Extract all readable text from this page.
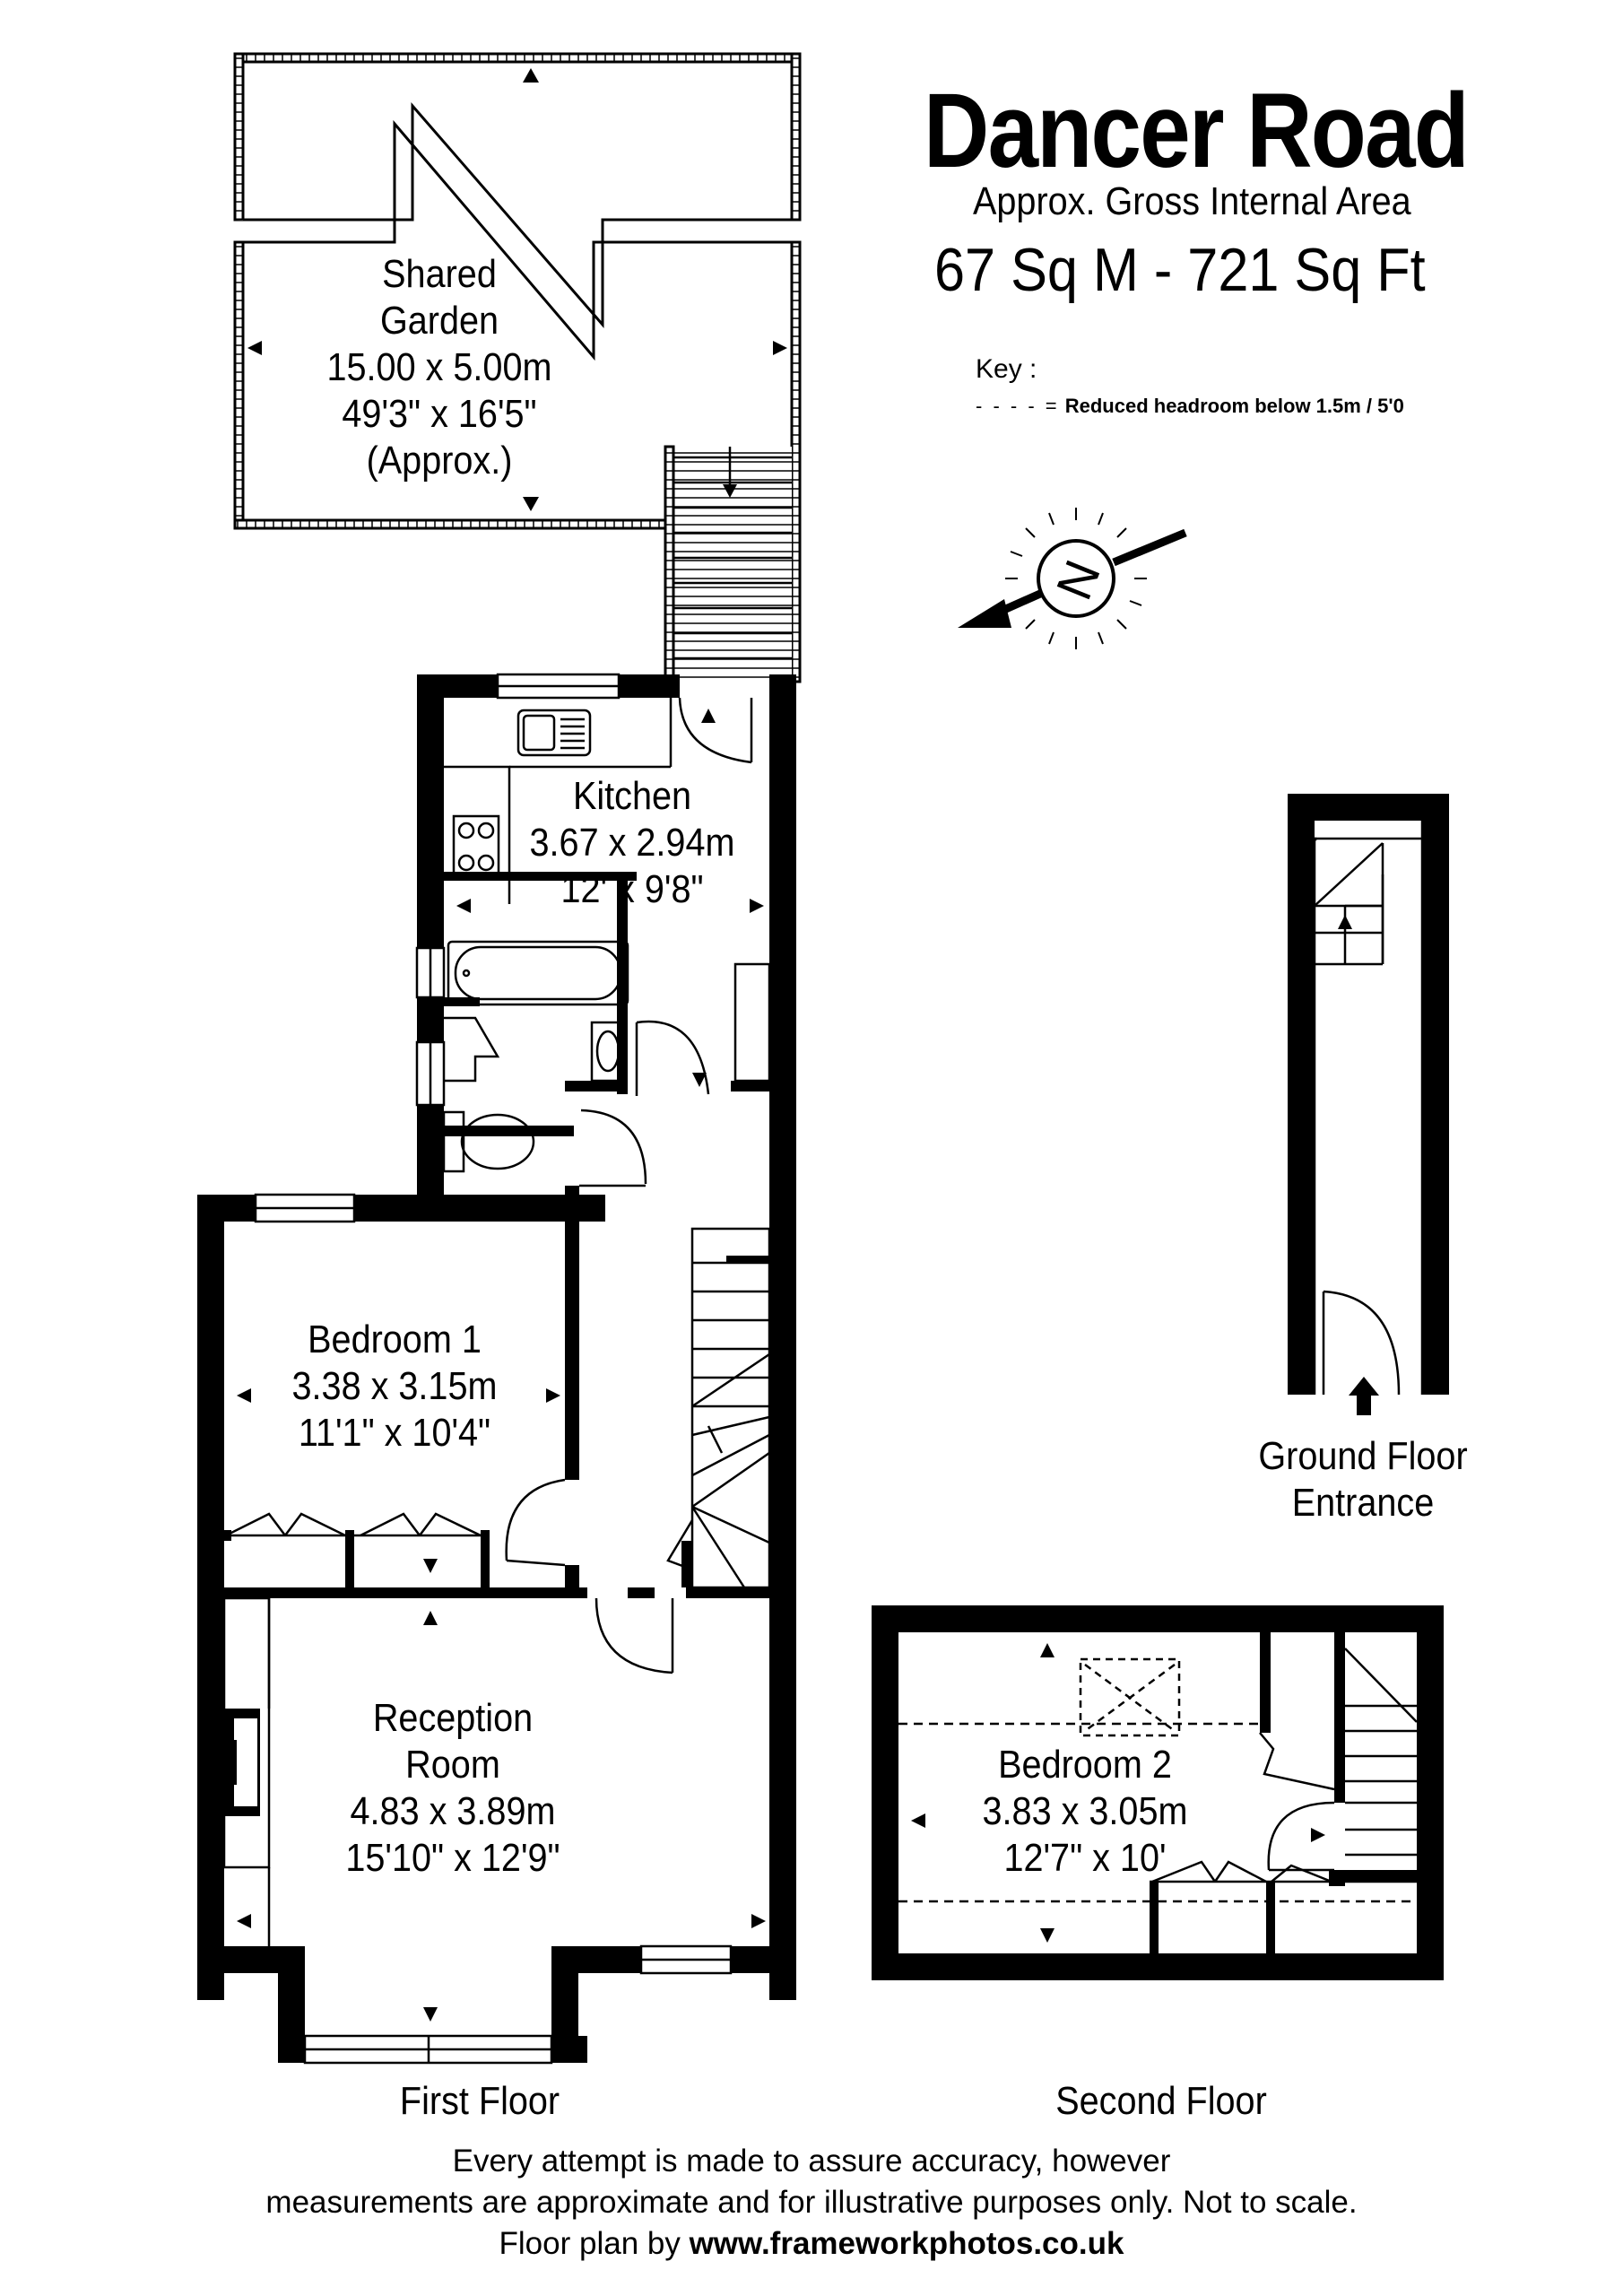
Dancer Road
Approx. Gross Internal Area
67 Sq M - 721 Sq Ft
Key :
- - - - = Reduced headroom below 1.5m / 5'0
N
Shared
Garden
15.00 x 5.00m
49'3" x 16'5"
(Approx.)
Kitchen
3.67 x 2.94m
12' x 9'8"
Bedroom 1
3.38 x 3.15m
11'1" x 10'4"
Reception
Room
4.83 x 3.89m
15'10" x 12'9"
Bedroom 2
3.83 x 3.05m
12'7" x 10'
Ground Floor
Entrance
First Floor	Second Floor
Every attempt is made to assure accuracy, however
measurements are approximate and for illustrative purposes only. Not to scale.
Floor plan by www.frameworkphotos.co.uk
